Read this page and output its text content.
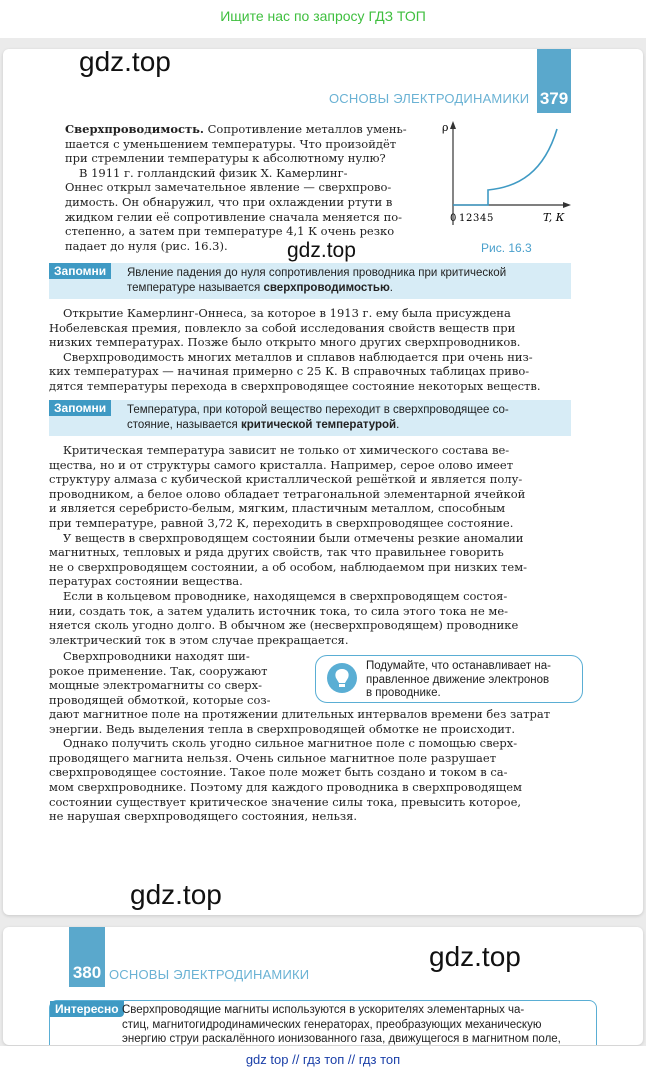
Ищите нас по запросу ГДЗ ТОП
gdz.top
ОСНОВЫ ЭЛЕКТРОДИНАМИКИ 379

Сверхпроводимость. Сопротивление металлов умень-

шается с уменьшением температуры. Что произойдёт

при стремлении температуры к абсолютному нулю?

В 1911 г. голландский физик Х. Камерлинг-

Оннес открыл замечательное явление — сверхпрово-

димость. Он обнаружил, что при охлаждении ртути в

жидком гелии её сопротивление сначала меняется по-

степенно, а затем при температуре 4,1 К очень резко

падает до нуля (рис. 16.3).

ρ
T, К
0 1 2 3 4 5
Рис. 16.3
gdz.top
Запомни	Явление падения до нуля сопротивления проводника при критической
температуре называется сверхпроводимостью.

Открытие Камерлинг-Оннеса, за которое в 1913 г. ему была присуждена

Нобелевская премия, повлекло за собой исследования свойств веществ при

низких температурах. Позже было открыто много других сверхпроводников.

Сверхпроводимость многих металлов и сплавов наблюдается при очень низ-

ких температурах — начиная примерно с 25 К. В справочных таблицах приво-

дятся температуры перехода в сверхпроводящее состояние некоторых веществ.

Запомни	Температура, при которой вещество переходит в сверхпроводящее со-
стояние, называется критической температурой.

Критическая температура зависит не только от химического состава ве-

щества, но и от структуры самого кристалла. Например, серое олово имеет

структуру алмаза с кубической кристаллической решёткой и является полу-

проводником, а белое олово обладает тетрагональной элементарной ячейкой

и является серебристо-белым, мягким, пластичным металлом, способным

при температуре, равной 3,72 К, переходить в сверхпроводящее состояние.

У веществ в сверхпроводящем состоянии были отмечены резкие аномалии

магнитных, тепловых и ряда других свойств, так что правильнее говорить

не о сверхпроводящем состоянии, а об особом, наблюдаемом при низких тем-

пературах состоянии вещества.

Если в кольцевом проводнике, находящемся в сверхпроводящем состоя-

нии, создать ток, а затем удалить источник тока, то сила этого тока не ме-

няется сколь угодно долго. В обычном же (несверхпроводящем) проводнике

электрический ток в этом случае прекращается.

Сверхпроводники находят ши-

рокое применение. Так, сооружают

мощные электромагниты со сверх-

проводящей обмоткой, которые соз-

Подумайте, что останавливает на-
правленное движение электронов
в проводнике.

дают магнитное поле на протяжении длительных интервалов времени без затрат

энергии. Ведь выделения тепла в сверхпроводящей обмотке не происходит.

Однако получить сколь угодно сильное магнитное поле с помощью сверх-

проводящего магнита нельзя. Очень сильное магнитное поле разрушает

сверхпроводящее состояние. Такое поле может быть создано и током в са-

мом сверхпроводнике. Поэтому для каждого проводника в сверхпроводящем

состоянии существует критическое значение силы тока, превысить которое,

не нарушая сверхпроводящего состояния, нельзя.

gdz.top
380 ОСНОВЫ ЭЛЕКТРОДИНАМИКИ
gdz.top
Интересно Сверхпроводящие магниты используются в ускорителях элементарных ча-
стиц, магнитогидродинамических генераторах, преобразующих механическую
энергию струи раскалённого ионизованного газа, движущегося в магнитном поле,
gdz top // гдз топ // гдз топ
